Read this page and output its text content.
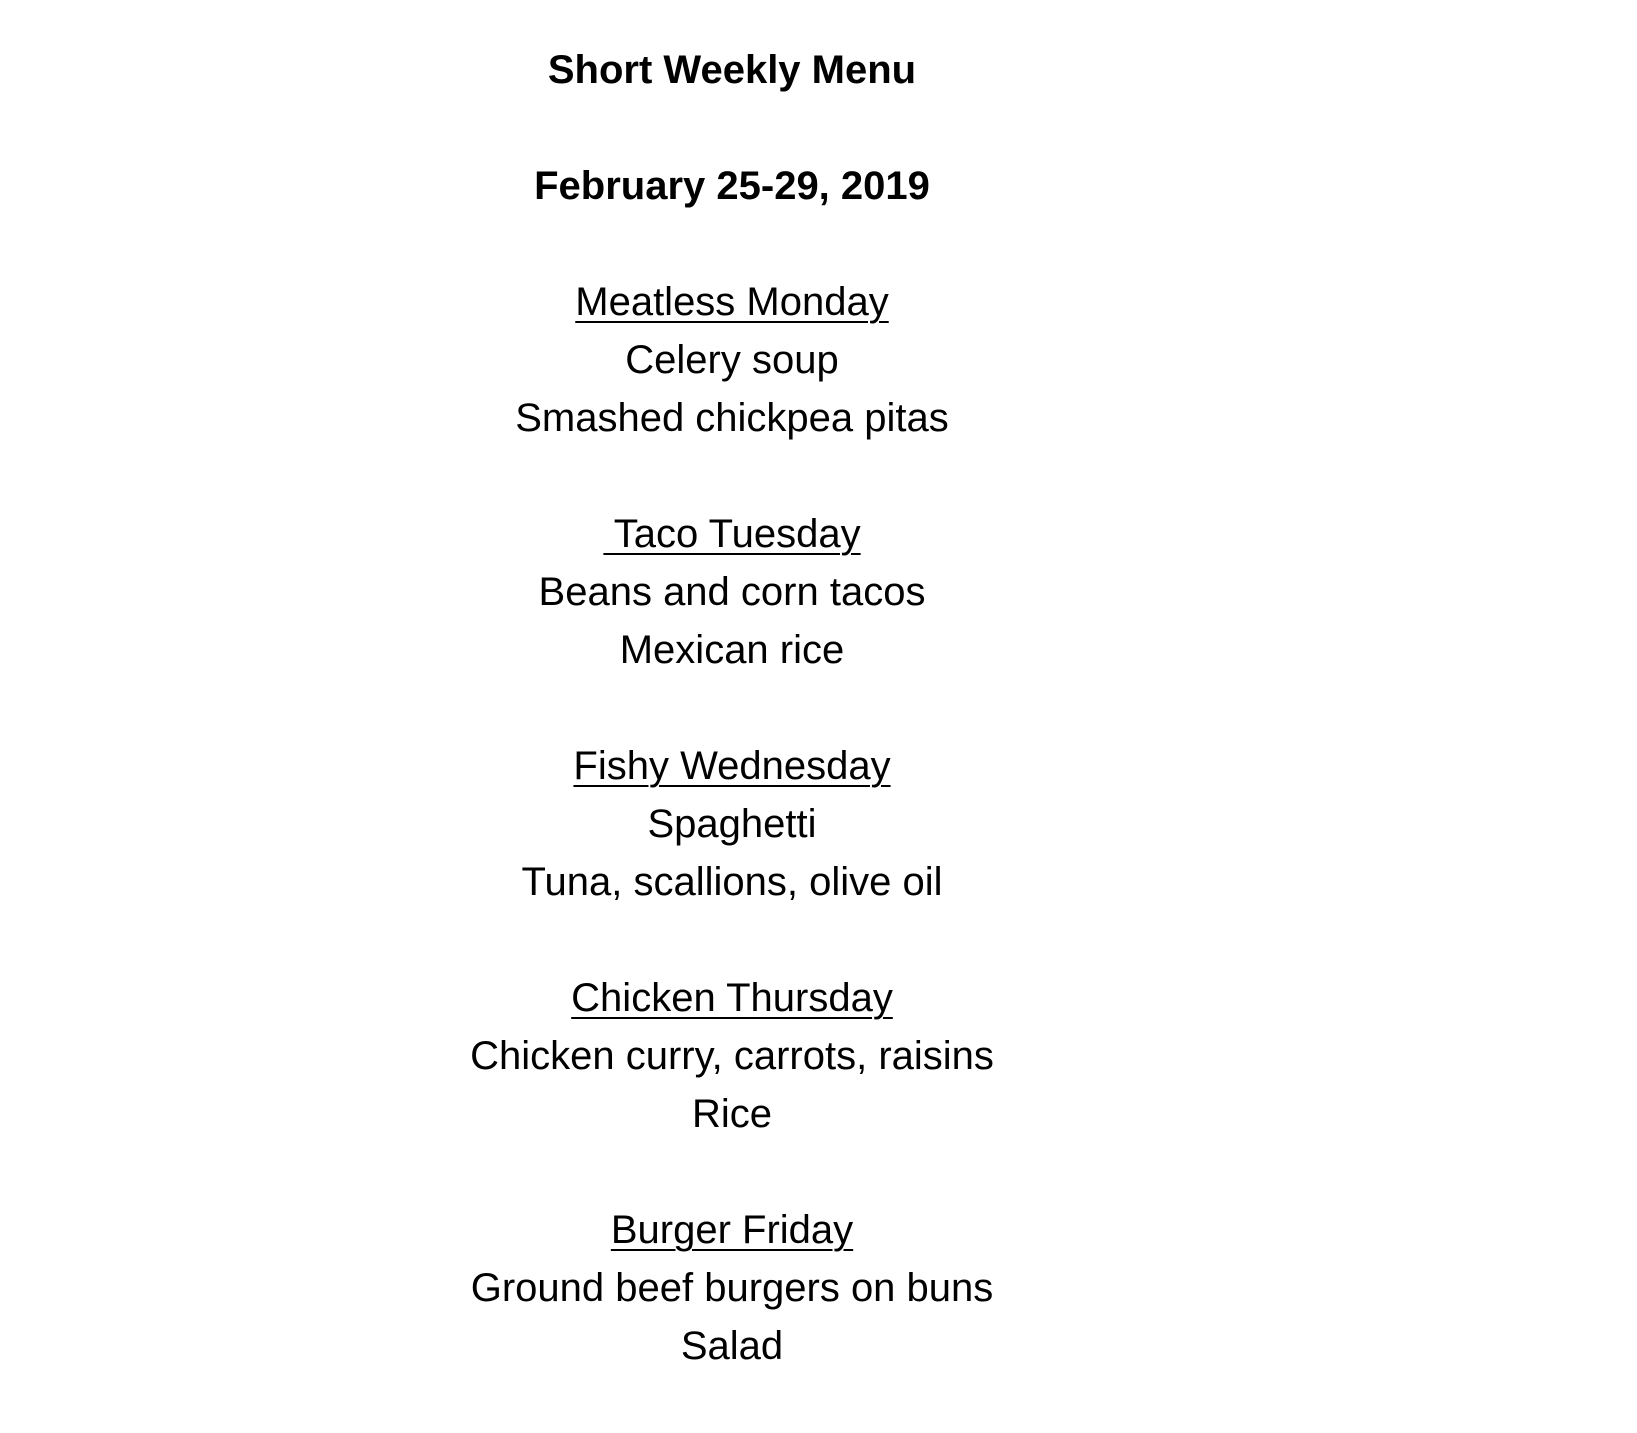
Short Weekly Menu
February 25-29, 2019
Meatless Monday
Celery soup
Smashed chickpea pitas
Taco Tuesday
Beans and corn tacos
Mexican rice
Fishy Wednesday
Spaghetti
Tuna, scallions, olive oil
Chicken Thursday
Chicken curry, carrots, raisins
Rice
Burger Friday
Ground beef burgers on buns
Salad
